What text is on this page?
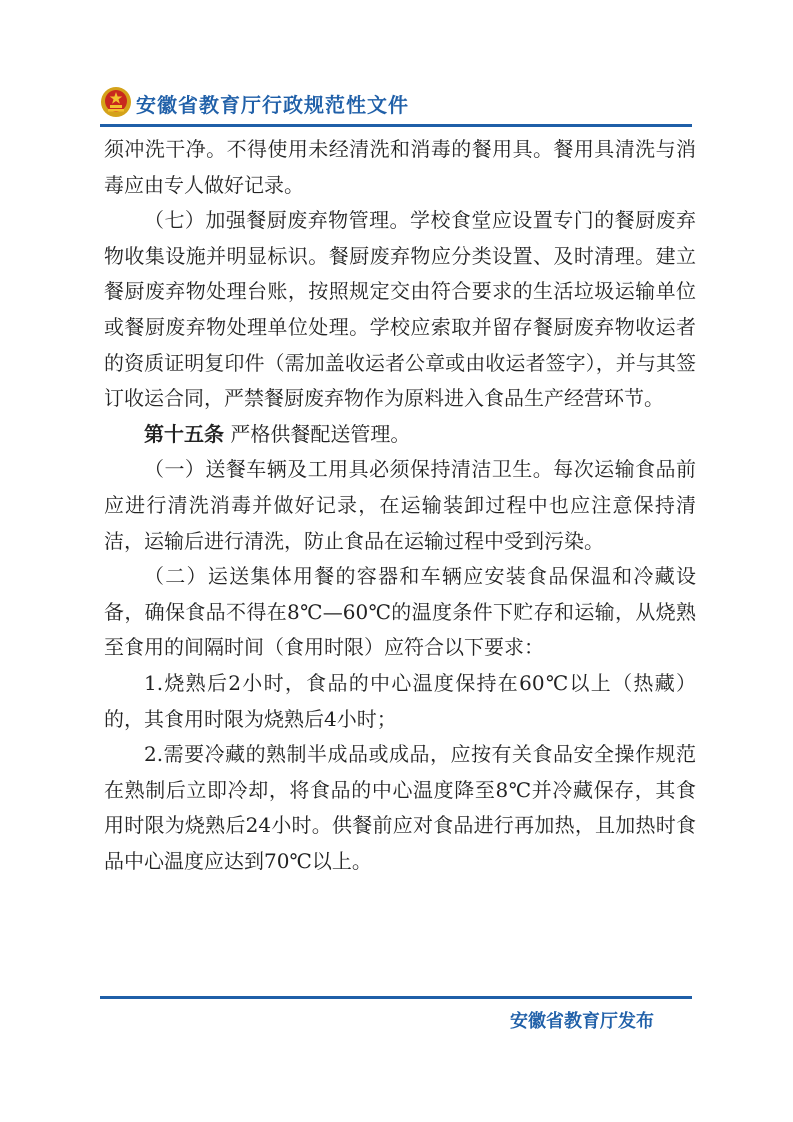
安徽省教育厅行政规范性文件

须冲洗干净。不得使用未经清洗和消毒的餐用具。餐用具清洗与消毒应由专人做好记录。

（七）加强餐厨废弃物管理。学校食堂应设置专门的餐厨废弃物收集设施并明显标识。餐厨废弃物应分类设置、及时清理。建立餐厨废弃物处理台账，按照规定交由符合要求的生活垃圾运输单位或餐厨废弃物处理单位处理。学校应索取并留存餐厨废弃物收运者的资质证明复印件（需加盖收运者公章或由收运者签字），并与其签订收运合同，严禁餐厨废弃物作为原料进入食品生产经营环节。

第十五条 严格供餐配送管理。

（一）送餐车辆及工用具必须保持清洁卫生。每次运输食品前应进行清洗消毒并做好记录，在运输装卸过程中也应注意保持清洁，运输后进行清洗，防止食品在运输过程中受到污染。

（二）运送集体用餐的容器和车辆应安装食品保温和冷藏设备，确保食品不得在8℃—60℃的温度条件下贮存和运输，从烧熟至食用的间隔时间（食用时限）应符合以下要求：

1.烧熟后2小时，食品的中心温度保持在60℃以上（热藏）的，其食用时限为烧熟后4小时；

2.需要冷藏的熟制半成品或成品，应按有关食品安全操作规范在熟制后立即冷却，将食品的中心温度降至8℃并冷藏保存，其食用时限为烧熟后24小时。供餐前应对食品进行再加热，且加热时食品中心温度应达到70℃以上。

安徽省教育厅发布
